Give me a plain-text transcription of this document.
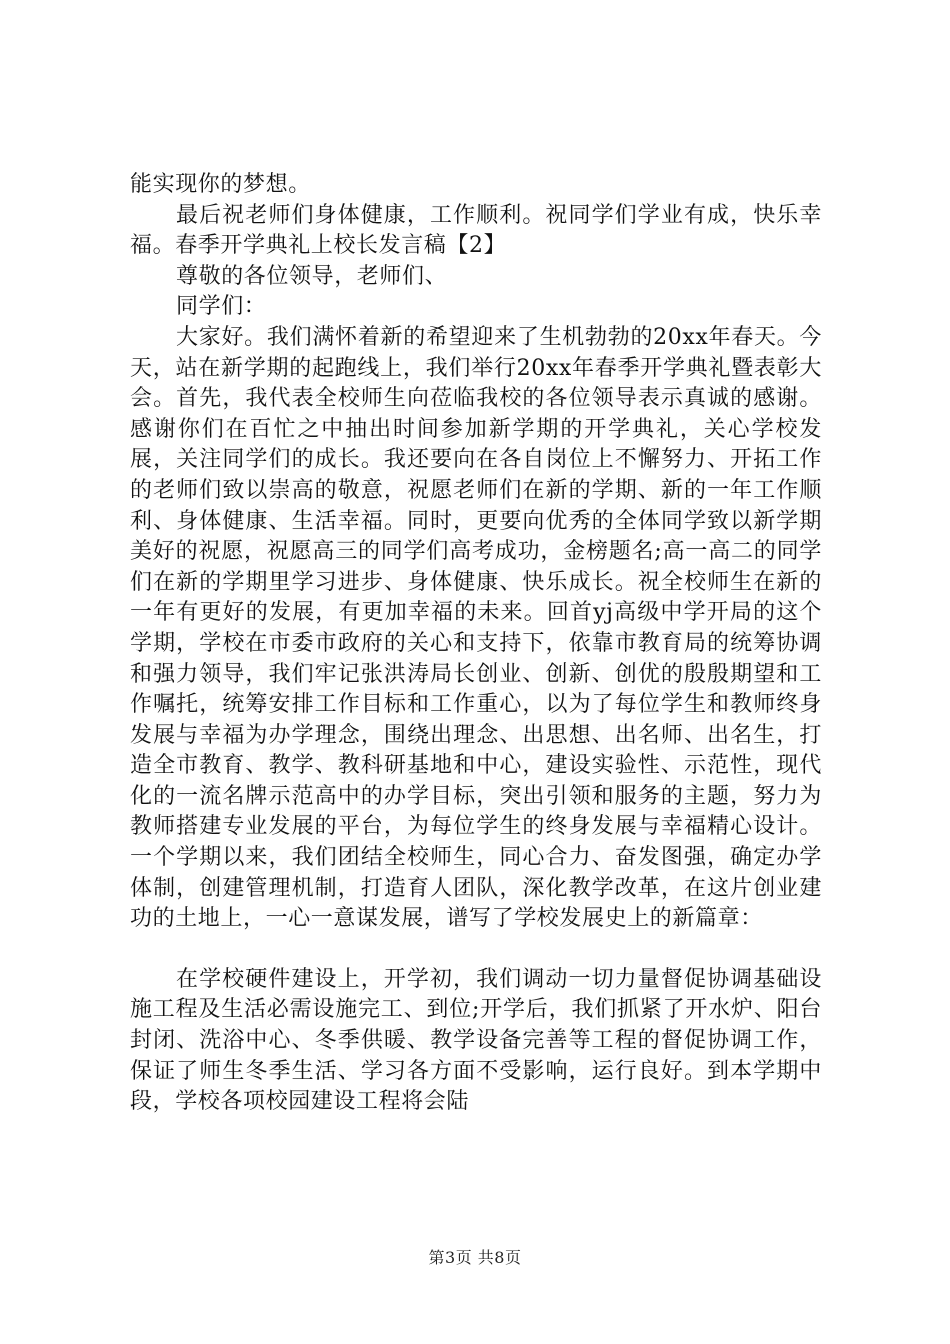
能实现你的梦想。

最后祝老师们身体健康，工作顺利。祝同学们学业有成，快乐幸福。春季开学典礼上校长发言稿【2】

尊敬的各位领导，老师们、

同学们：

大家好。我们满怀着新的希望迎来了生机勃勃的20xx年春天。今天，站在新学期的起跑线上，我们举行20xx年春季开学典礼暨表彰大会。首先，我代表全校师生向莅临我校的各位领导表示真诚的感谢。感谢你们在百忙之中抽出时间参加新学期的开学典礼，关心学校发展，关注同学们的成长。我还要向在各自岗位上不懈努力、开拓工作的老师们致以崇高的敬意，祝愿老师们在新的学期、新的一年工作顺利、身体健康、生活幸福。同时，更要向优秀的全体同学致以新学期美好的祝愿，祝愿高三的同学们高考成功，金榜题名;高一高二的同学们在新的学期里学习进步、身体健康、快乐成长。祝全校师生在新的一年有更好的发展，有更加幸福的未来。回首yj高级中学开局的这个学期，学校在市委市政府的关心和支持下，依靠市教育局的统筹协调和强力领导，我们牢记张洪涛局长创业、创新、创优的殷殷期望和工作嘱托，统筹安排工作目标和工作重心，以为了每位学生和教师终身发展与幸福为办学理念，围绕出理念、出思想、出名师、出名生，打造全市教育、教学、教科研基地和中心，建设实验性、示范性，现代化的一流名牌示范高中的办学目标，突出引领和服务的主题，努力为教师搭建专业发展的平台，为每位学生的终身发展与幸福精心设计。一个学期以来，我们团结全校师生，同心合力、奋发图强，确定办学体制，创建管理机制，打造育人团队，深化教学改革，在这片创业建功的土地上，一心一意谋发展，谱写了学校发展史上的新篇章：

在学校硬件建设上，开学初，我们调动一切力量督促协调基础设施工程及生活必需设施完工、到位;开学后，我们抓紧了开水炉、阳台封闭、洗浴中心、冬季供暖、教学设备完善等工程的督促协调工作，保证了师生冬季生活、学习各方面不受影响，运行良好。到本学期中段，学校各项校园建设工程将会陆

第3页 共8页
